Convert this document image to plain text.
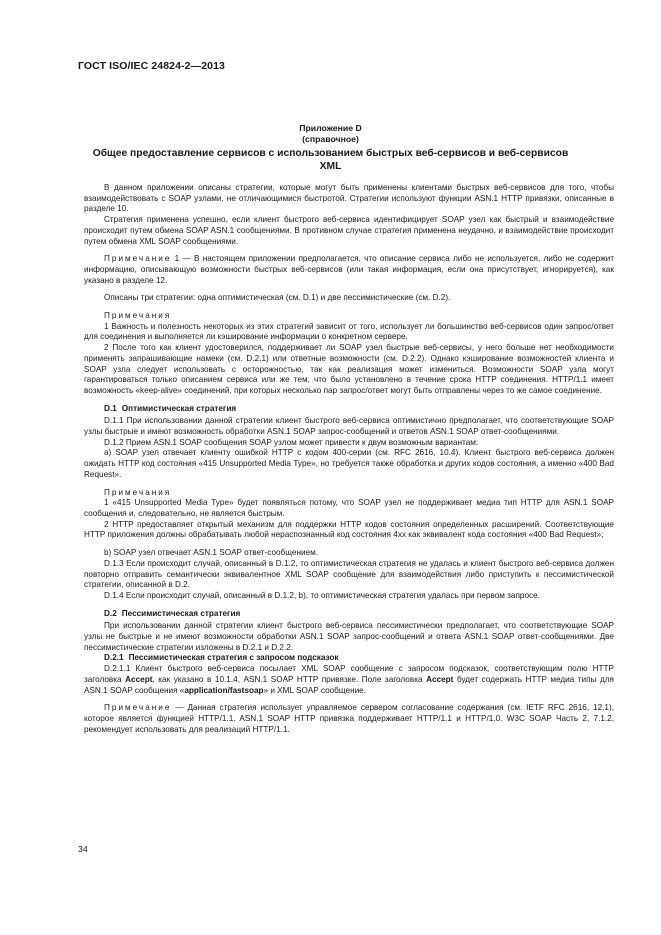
ГОСТ ISO/IEC 24824-2—2013
Приложение D
(справочное)
Общее предоставление сервисов с использованием быстрых веб-сервисов и веб-сервисов XML

В данном приложении описаны стратегии, которые могут быть применены клиентами быстрых веб-сервисов для того, чтобы взаимодействовать с SOAP узлами, не отличающимися быстротой. Стратегии используют функции ASN.1 HTTP привязки, описанные в разделе 10.

Стратегия применена успешно, если клиент быстрого веб-сервиса идентифицирует SOAP узел как быстрый и взаимодействие происходит путем обмена SOAP ASN.1 сообщениями. В противном случае стратегия применена неудачно, и взаимодействие происходит путем обмена XML SOAP сообщениями.

Примечание 1 — В настоящем приложении предполагается, что описание сервиса либо не используется, либо не содержит информацию, описывающую возможности быстрых веб-сервисов (или такая информация, если она присутствует, игнорируется), как указано в разделе 12.

Описаны три стратегии: одна оптимистическая (см. D.1) и две пессимистические (см. D.2).

Примечания

1 Важность и полезность некоторых из этих стратегий зависит от того, использует ли большинство веб-сервисов один запрос/ответ для соединения и выполняется ли кэширование информации о конкретном сервере.

2 После того как клиент удостоверился, поддерживает ли SOAP узел быстрые веб-сервисы, у него больше нет необходимости применять запрашивающие намеки (см. D.2.1) или ответные возможности (см. D.2.2). Однако кэширование возможностей клиента и SOAP узла следует использовать с осторожностью, так как реализация может измениться. Возможности SOAP узла могут гарантироваться только описанием сервиса или же тем, что было установлено в течение срока HTTP соединения. HTTP/1.1 имеет возможность «keep-alive» соединений, при которых несколько пар запрос/ответ могут быть отправлены через то же самое соединение.

D.1 Оптимистическая стратегия

D.1.1 При использовании данной стратегии клиент быстрого веб-сервиса оптимистично предполагает, что соответствующие SOAP узлы быстрые и имеют возможность обработки ASN.1 SOAP запрос-сообщений и ответов ASN.1 SOAP ответ-сообщениями.

D.1.2 Прием ASN.1 SOAP сообщения SOAP узлом может привести к двум возможным вариантам:

a) SOAP узел отвечает клиенту ошибкой HTTP с кодом 400-серии (см. RFC 2616, 10.4). Клиент быстрого веб-сервиса должен ожидать HTTP код состояния «415 Unsupported Media Type», но требуется также обработка и других кодов состояния, а именно «400 Bad Request».

Примечания

1 «415 Unsupported Media Type» будет появляться потому, что SOAP узел не поддерживает медиа тип HTTP для ASN.1 SOAP сообщения и, следовательно, не является быстрым.

2 HTTP предоставляет открытый механизм для поддержки HTTP кодов состояния определенных расширений. Соответствующие HTTP приложения должны обрабатывать любой нераспознанный код состояния 4xx как эквивалент кода состояния «400 Bad Request»;

b) SOAP узел отвечает ASN.1 SOAP ответ-сообщением.

D.1.3 Если происходит случай, описанный в D.1.2, то оптимистическая стратегия не удалась и клиент быстрого веб-сервиса должен повторно отправить семантически эквивалентное XML SOAP сообщение для взаимодействия либо приступить к пессимистической стратегии, описанной в D.2.

D.1.4 Если происходит случай, описанный в D.1.2, b), то оптимистическая стратегия удалась при первом запросе.

D.2 Пессимистическая стратегия

При использовании данной стратегии клиент быстрого веб-сервиса пессимистически предполагает, что соответствующие SOAP узлы не быстрые и не имеют возможности обработки ASN.1 SOAP запрос-сообщений и ответа ASN.1 SOAP ответ-сообщениями. Две пессимистические стратегии изложены в D.2.1 и D.2.2.

D.2.1 Пессимистическая стратегия с запросом подсказок

D.2.1.1 Клиент быстрого веб-сервиса посылает XML SOAP сообщение с запросом подсказок, соответствующим полю HTTP заголовка Accept, как указано в 10.1.4, ASN.1 SOAP HTTP привязке. Поле заголовка Accept будет содержать HTTP медиа типы для ASN.1 SOAP сообщения «application/fastsoap» и XML SOAP сообщение.

Примечание — Данная стратегия использует управляемое сервером согласование содержания (см. IETF RFC 2616, 12.1), которое является функцией HTTP/1.1. ASN.1 SOAP HTTP привязка поддерживает HTTP/1.1 и HTTP/1.0. W3C SOAP Часть 2, 7.1.2, рекомендует использовать для реализаций HTTP/1.1.

34
